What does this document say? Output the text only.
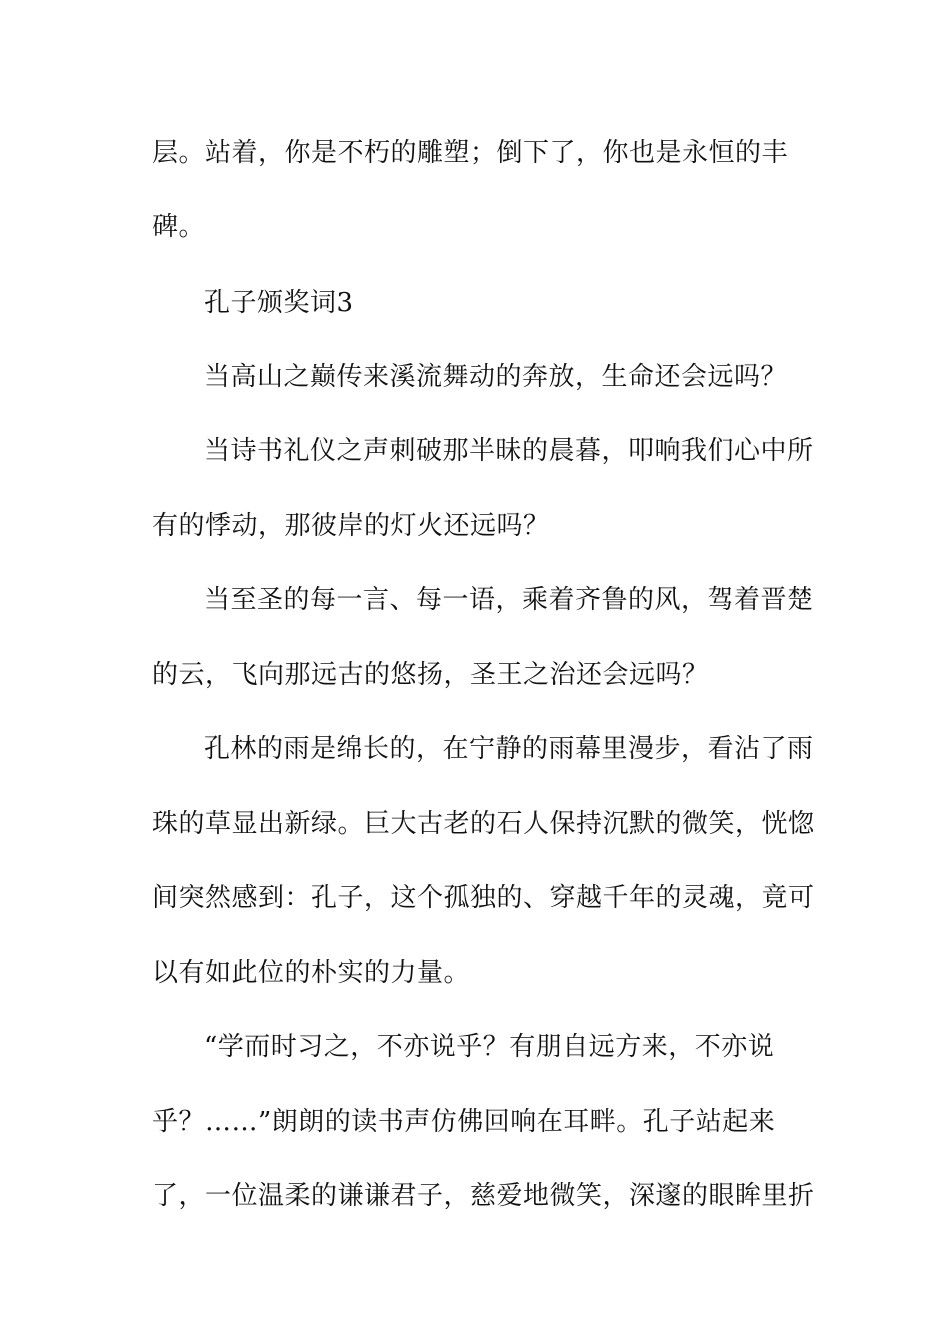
层。站着，你是不朽的雕塑；倒下了，你也是永恒的丰
碑。
孔子颁奖词3
当高山之巅传来溪流舞动的奔放，生命还会远吗？
当诗书礼仪之声刺破那半昧的晨暮，叩响我们心中所
有的悸动，那彼岸的灯火还远吗？
当至圣的每一言、每一语，乘着齐鲁的风，驾着晋楚
的云，飞向那远古的悠扬，圣王之治还会远吗？
孔林的雨是绵长的，在宁静的雨幕里漫步，看沾了雨
珠的草显出新绿。巨大古老的石人保持沉默的微笑，恍惚
间突然感到：孔子，这个孤独的、穿越千年的灵魂，竟可
以有如此位的朴实的力量。
“学而时习之，不亦说乎？有朋自远方来，不亦说
乎？……”朗朗的读书声仿佛回响在耳畔。孔子站起来
了，一位温柔的谦谦君子，慈爱地微笑，深邃的眼眸里折
